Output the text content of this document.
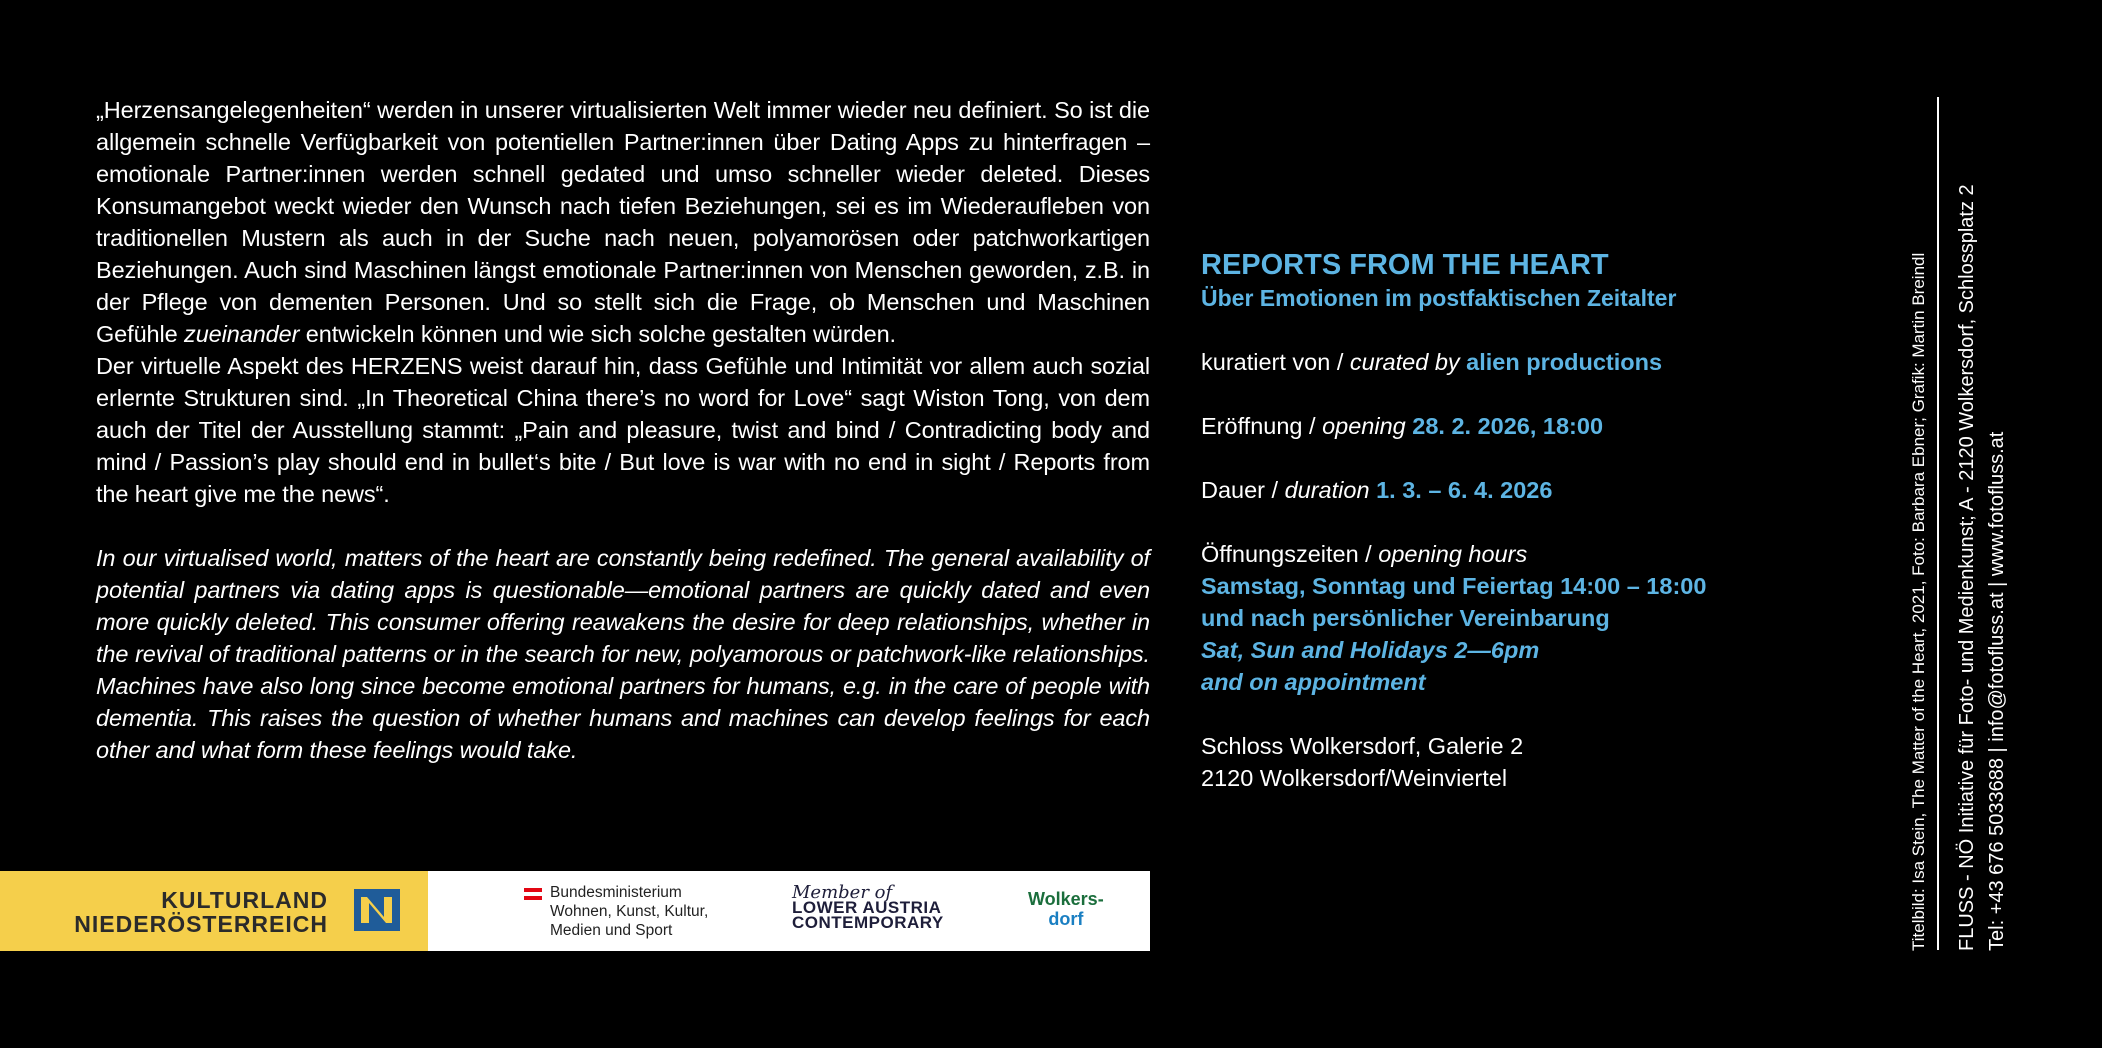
„Herzensangelegenheiten“ werden in unserer virtualisierten Welt immer wieder neu definiert. So ist die allgemein schnelle Verfügbarkeit von potentiellen Partner:innen über Dating Apps zu hinterfragen – emotionale Partner:innen werden schnell gedated und umso schneller wieder deleted. Dieses Konsumangebot weckt wieder den Wunsch nach tiefen Beziehungen, sei es im Wiederaufleben von traditionellen Mustern als auch in der Suche nach neuen, polyamorösen oder patchworkartigen Beziehungen. Auch sind Maschinen längst emotionale Partner:innen von Menschen geworden, z.B. in der Pflege von dementen Personen. Und so stellt sich die Frage, ob Menschen und Maschinen Gefühle zueinander entwickeln können und wie sich solche gestalten würden.

Der virtuelle Aspekt des HERZENS weist darauf hin, dass Gefühle und Intimität vor allem auch sozial erlernte Strukturen sind. „In Theoretical China there’s no word for Love“ sagt Wiston Tong, von dem auch der Titel der Ausstellung stammt: „Pain and pleasure, twist and bind / Contradicting body and mind / Passion’s play should end in bullet‘s bite / But love is war with no end in sight / Reports from the heart give me the news“.

In our virtualised world, matters of the heart are constantly being redefined. The general availability of potential partners via dating apps is questionable—emotional partners are quickly dated and even more quickly deleted. This consumer offering reawakens the desire for deep relationships, whether in the revival of traditional patterns or in the search for new, polyamorous or patchwork-like relationships. Machines have also long since become emotional partners for humans, e.g. in the care of people with dementia. This raises the question of whether humans and machines can develop feelings for each other and what form these feelings would take.

KULTURLAND
NIEDERÖSTERREICH
Bundesministerium
Wohnen, Kunst, Kultur,
Medien und Sport
Member of
LOWER AUSTRIA
CONTEMPORARY
Wolkers-
dorf
REPORTS FROM THE HEART
Über Emotionen im postfaktischen Zeitalter
kuratiert von / curated by alien productions
Eröffnung / opening 28. 2. 2026, 18:00
Dauer / duration 1. 3. – 6. 4. 2026
Öffnungszeiten / opening hours
Samstag, Sonntag und Feiertag 14:00 – 18:00
und nach persönlicher Vereinbarung
Sat, Sun and Holidays 2—6pm
and on appointment
Schloss Wolkersdorf, Galerie 2
2120 Wolkersdorf/Weinviertel	Titelbild: Isa Stein, The Matter of the Heart, 2021, Foto: Barbara Ebner; Grafik: Martin Breindl FLUSS - NÖ Initiative für Foto- und Medienkunst; A - 2120 Wolkersdorf, Schlossplatz 2 Tel: +43 676 5033688 | info@fotofluss.at | www.fotofluss.at
